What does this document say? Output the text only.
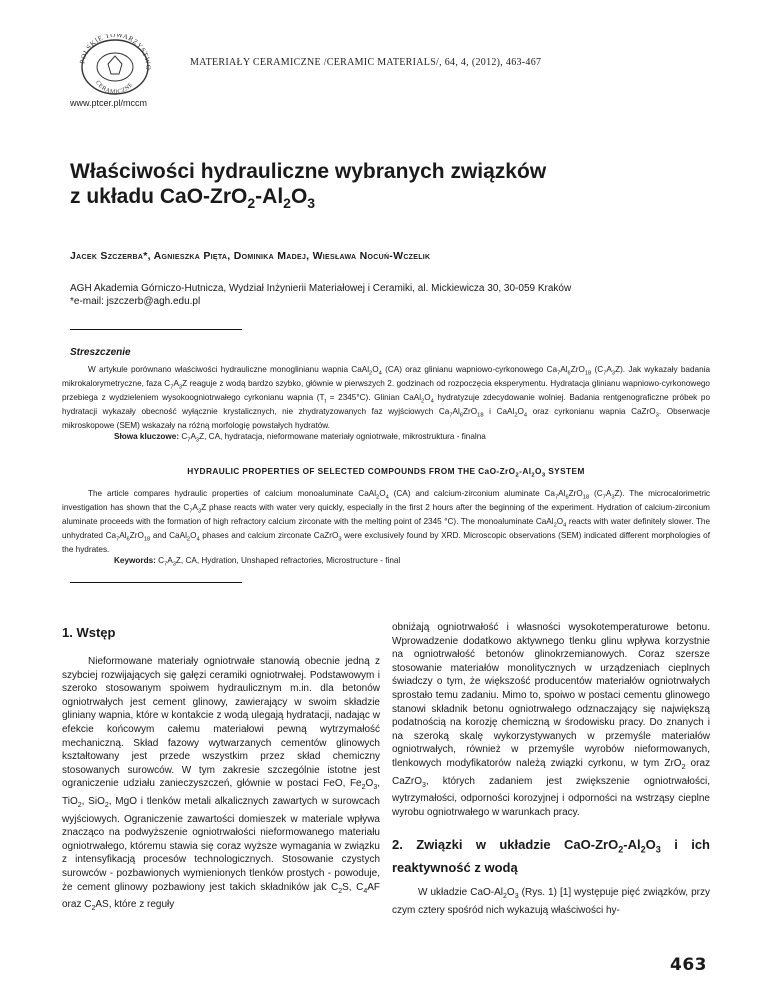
POLSKIE TOWARZYSTWO
CERAMICZNE
MATERIAŁY CERAMICZNE /CERAMIC MATERIALS/, 64, 4, (2012), 463-467
www.ptcer.pl/mccm
Właściwości hydrauliczne wybranych związków
z układu CaO-$ZrO_2-Al_2O_3$
Jacek Szczerba*, Agnieszka Pięta, Dominika Madej, Wiesława Nocuń-Wczelik
AGH Akademia Górniczo-Hutnicza, Wydział Inżynierii Materiałowej i Ceramiki, al. Mickiewicza 30, 30-059 Kraków
*e-mail: jszczerb@agh.edu.pl
Streszczenie

W artykule porównano właściwości hydrauliczne monoglinianu wapnia $CaAl_2O_4$ (CA) oraz glinianu wapniowo-cyrkonowego $Ca_7Al_6ZrO_{18}$ $(C_7A_3Z)$. Jak wykazały badania mikrokalorymetryczne, faza $C_7A_3Z$ reaguje z wodą bardzo szybko, głównie w pierwszych 2. godzinach od rozpoczęcia eksperymentu. Hydratacja glinianu wapniowo-cyrkonowego przebiega z wydzieleniem wysokoogniotrwałego cyrkonianu wapnia $(T_t = 2345^\circ C)$. Glinian $CaAl_2O_4$ hydratyzuje zdecydowanie wolniej. Badania rentgenograficzne próbek po hydratacji wykazały obecność wyłącznie krystalicznych, nie zhydratyzowanych faz wyjściowych $Ca_7Al_6ZrO_{18}$ i $CaAl_2O_4$ oraz cyrkonianu wapnia CaZrO$_3$. Obserwacje mikroskopowe (SEM) wskazały na różną morfologię powstałych hydratów.

Słowa kluczowe: $C_7A_3Z$, CA, hydratacja, nieformowane materiały ogniotrwałe, mikrostruktura - finalna

HYDRAULIC PROPERTIES OF SELECTED COMPOUNDS FROM THE CaO-$ZrO_2-Al_2O_3$ SYSTEM

The article compares hydraulic properties of calcium monoaluminate $CaAl_2O_4$ (CA) and calcium-zirconium aluminate $Ca_7Al_6ZrO_{18}$ $(C_7A_3Z)$. The microcalorimetric investigation has shown that the $C_7A_3Z$ phase reacts with water very quickly, especially in the first 2 hours after the beginning of the experiment. Hydration of calcium-zirconium aluminate proceeds with the formation of high refractory calcium zirconate with the melting point of 2345 °C). The monoaluminate $CaAl_2O_4$ reacts with water definitely slower. The unhydrated $Ca_7Al_6ZrO_{18}$ and $CaAl_2O_4$ phases and calcium zirconate CaZrO$_3$ were exclusively found by XRD. Microscopic observations (SEM) indicated different morphologies of the hydrates.

Keywords: $C_7A_3Z$, CA, Hydration, Unshaped refractories, Microstructure - final

1. Wstęp

Nieformowane materiały ogniotrwałe stanowią obecnie jedną z szybciej rozwijających się gałęzi ceramiki ogniotrwałej. Podstawowym i szeroko stosowanym spoiwem hydraulicznym m.in. dla betonów ogniotrwałych jest cement glinowy, zawierający w swoim składzie gliniany wapnia, które w kontakcie z wodą ulegają hydratacji, nadając w efekcie końcowym całemu materiałowi pewną wytrzymałość mechaniczną. Skład fazowy wytwarzanych cementów glinowych kształtowany jest przede wszystkim przez skład chemiczny stosowanych surowców. W tym zakresie szczególnie istotne jest ograniczenie udziału zanieczyszczeń, głównie w postaci FeO, $Fe_2O_3$, TiO$_2$, SiO$_2$, MgO i tlenków metali alkalicznych zawartych w surowcach wyjściowych. Ograniczenie zawartości domieszek w materiale wpływa znacząco na podwyższenie ogniotrwałości nieformowanego materiału ogniotrwałego, któremu stawia się coraz wyższe wymagania w związku z intensyfikacją procesów technologicznych. Stosowanie czystych surowców - pozbawionych wymienionych tlenków prostych - powoduje, że cement glinowy pozbawiony jest takich składników jak $C_2S$, $C_4AF$ oraz $C_2AS$, które z reguły

obniżają ogniotrwałość i własności wysokotemperaturowe betonu. Wprowadzenie dodatkowo aktywnego tlenku glinu wpływa korzystnie na ogniotrwałość betonów glinokrzemianowych. Coraz szersze stosowanie materiałów monolitycznych w urządzeniach cieplnych świadczy o tym, że większość producentów materiałów ogniotrwałych sprostało temu zadaniu. Mimo to, spoiwo w postaci cementu glinowego stanowi składnik betonu ogniotrwałego odznaczający się największą podatnością na korozję chemiczną w środowisku pracy. Do znanych i na szeroką skalę wykorzystywanych w przemyśle materiałów ogniotrwałych, również w przemyśle wyrobów nieformowanych, tlenkowych modyfikatorów należą związki cyrkonu, w tym ZrO$_2$ oraz CaZrO$_3$, których zadaniem jest zwiększenie ogniotrwałości, wytrzymałości, odporności korozyjnej i odporności na wstrząsy cieplne wyrobu ogniotrwałego w warunkach pracy.

2. Związki w układzie CaO-$ZrO_2-Al_2O_3$ i ich reaktywność z wodą

W układzie CaO-$Al_2O_3$ (Rys. 1) [1] występuje pięć związków, przy czym cztery spośród nich wykazują właściwości hy-

463
